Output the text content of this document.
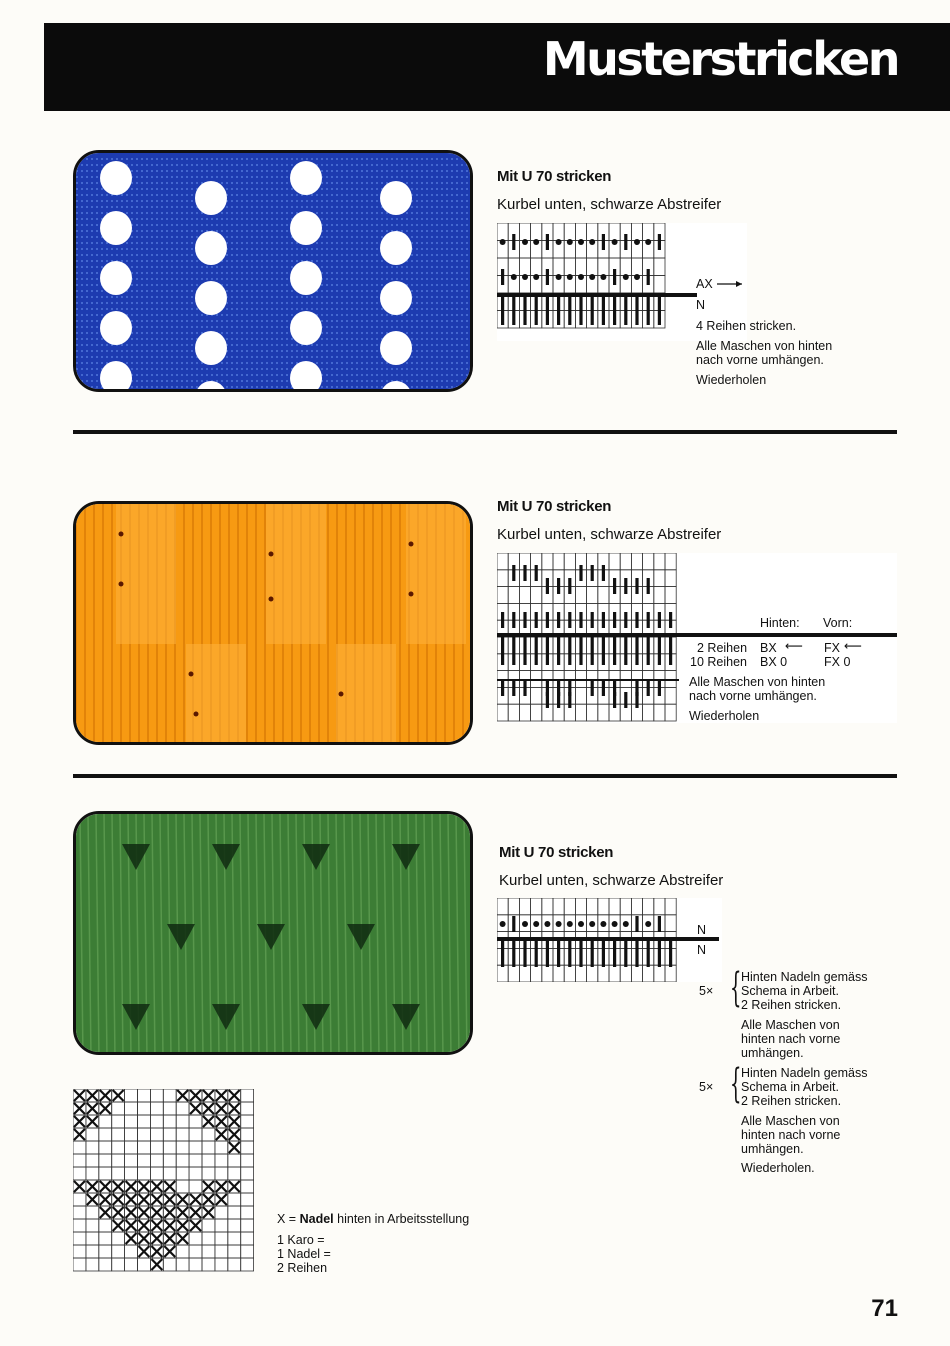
Musterstricken
Mit U 70 stricken
Kurbel unten, schwarze Abstreifer
AX
N
4 Reihen stricken.
Alle Maschen von hinten
nach vorne umhängen.
Wiederholen
Mit U 70 stricken
Kurbel unten, schwarze Abstreifer
Hinten: Vorn:
2 Reihen BX ⟵ FX ⟵
10 Reihen BX 0	FX 0
Alle Maschen von hinten
nach vorne umhängen.
Wiederholen
Mit U 70 stricken
Kurbel unten, schwarze Abstreifer
N
N
5× { Hinten Nadeln gemäss
Schema in Arbeit.
2 Reihen stricken.
Alle Maschen von
hinten nach vorne
umhängen.
5× { Hinten Nadeln gemäss
Schema in Arbeit.
2 Reihen stricken.
Alle Maschen von
hinten nach vorne
umhängen.
Wiederholen.
X = Nadel hinten in Arbeitsstellung
1 Karo =
1 Nadel =
2 Reihen
71
